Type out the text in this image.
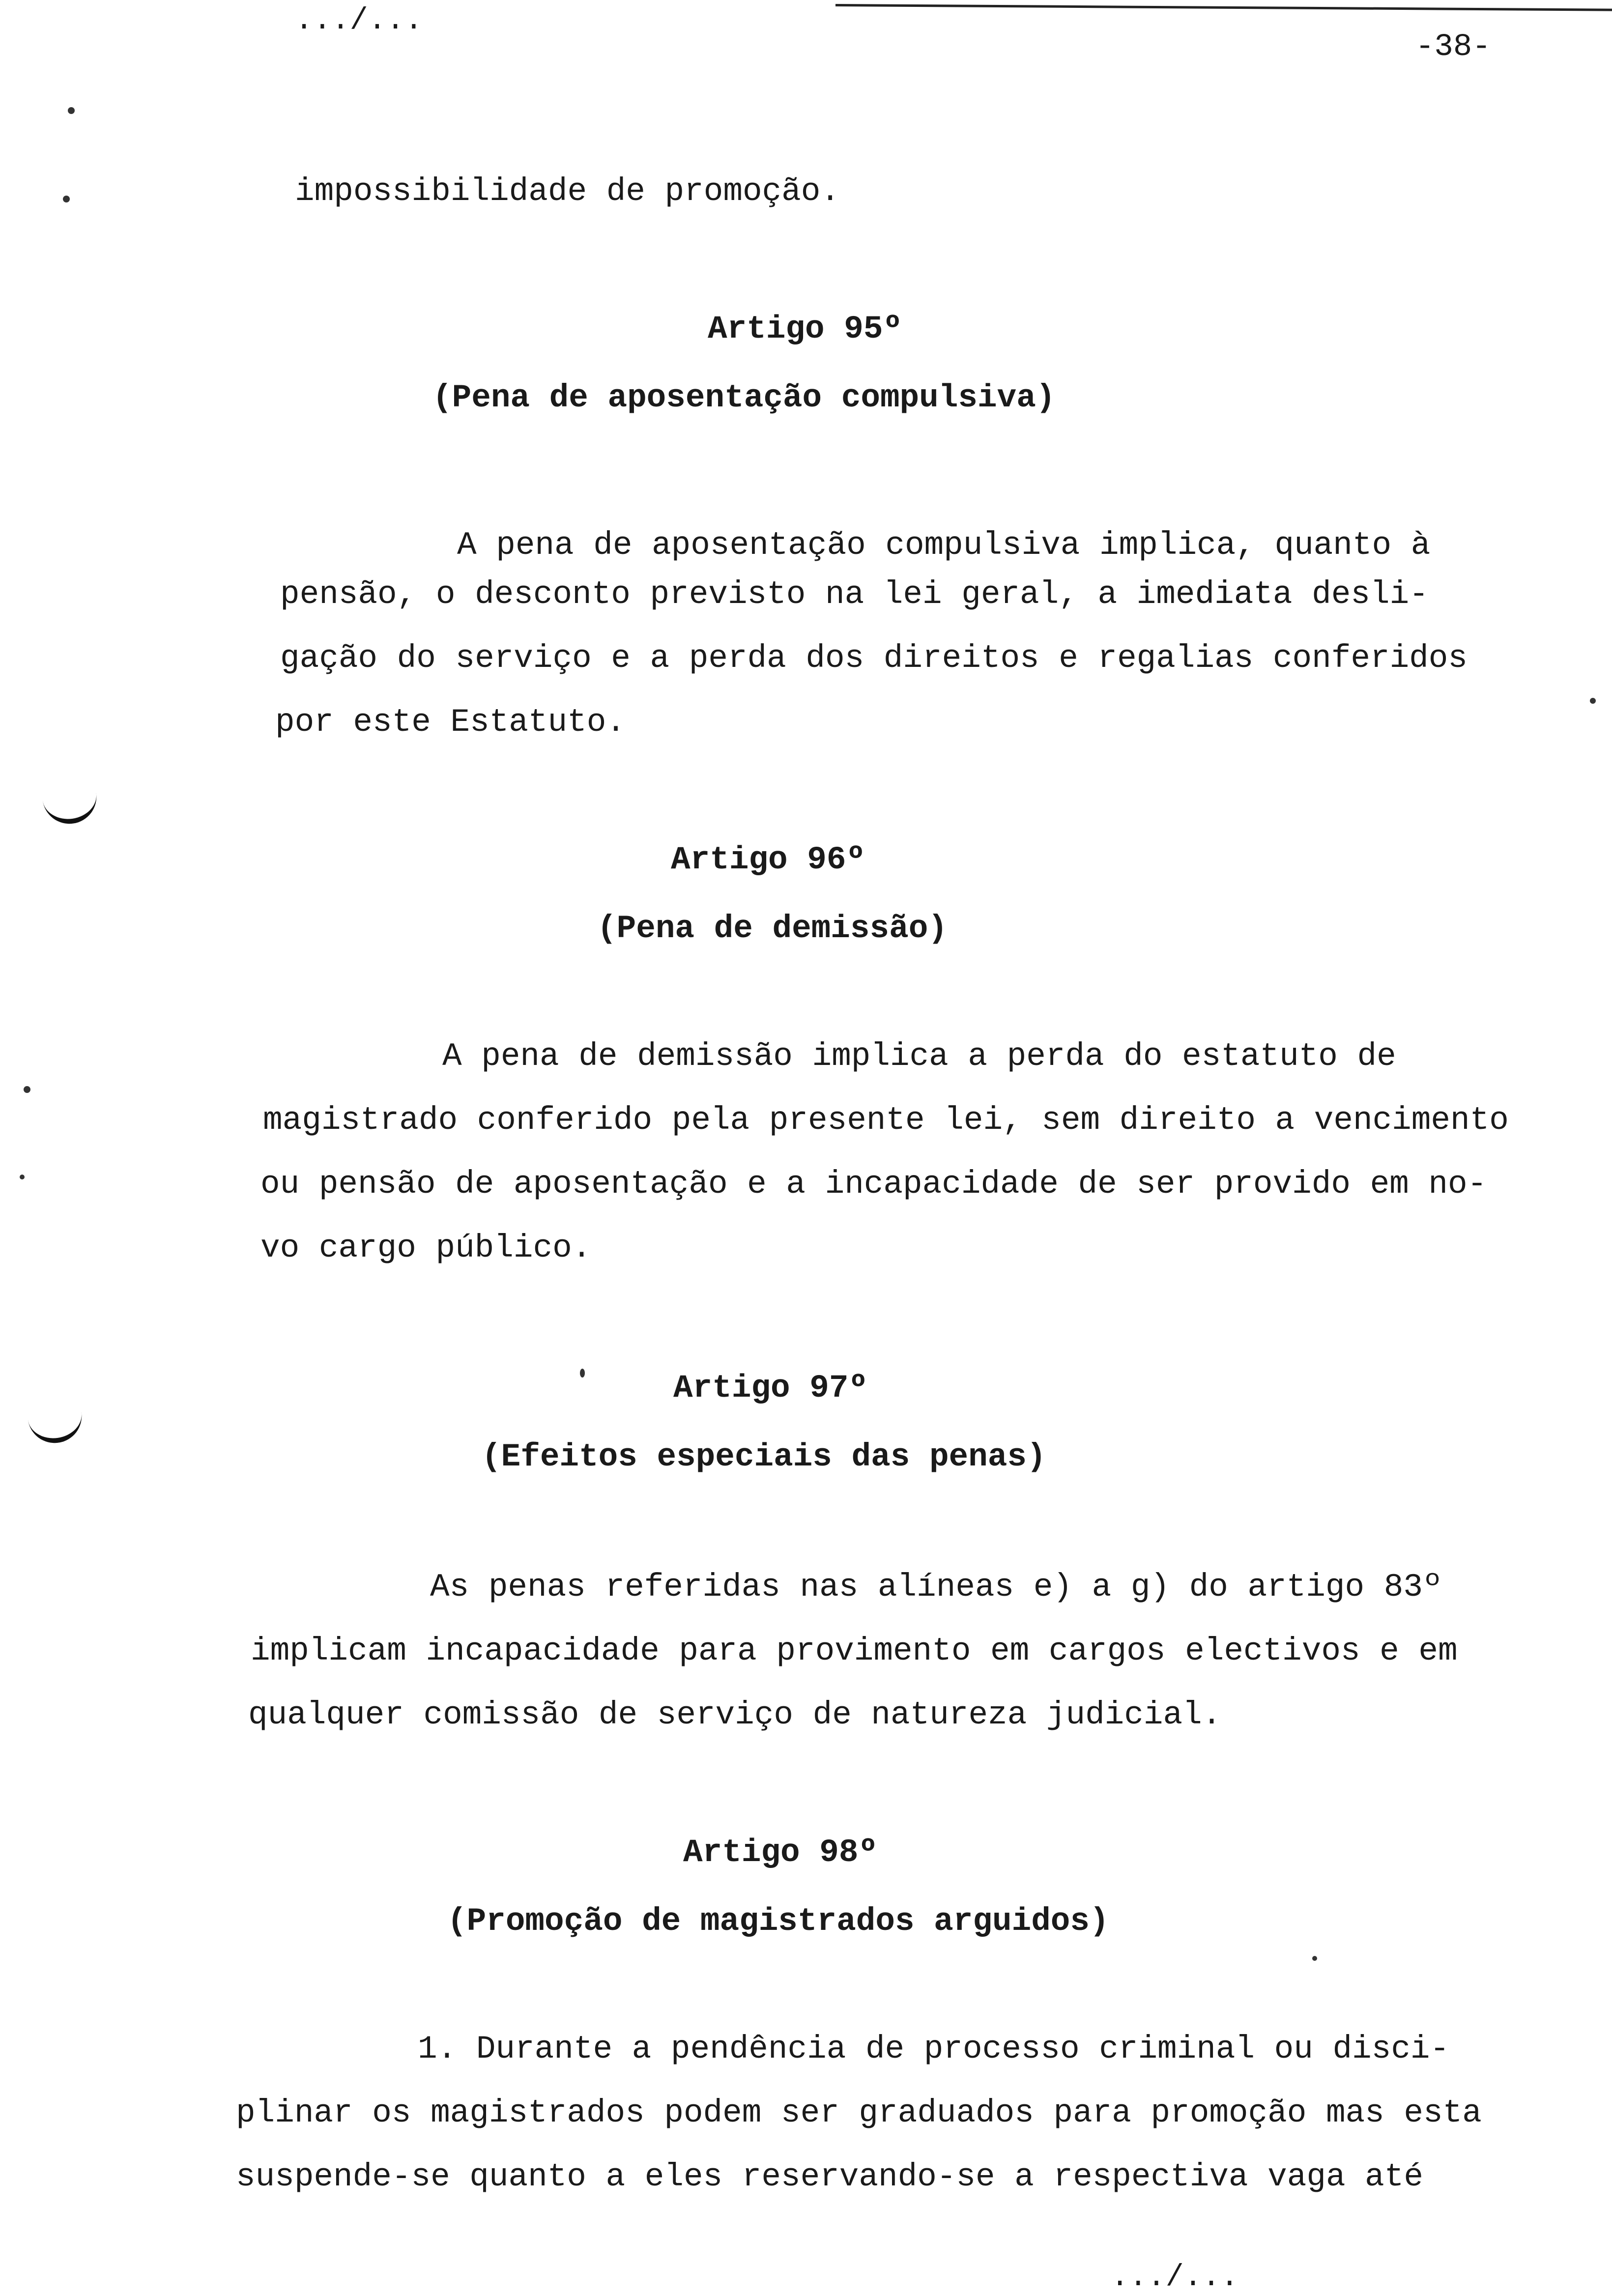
.../...
-38-
impossibilidade de promoção.
Artigo 95º
(Pena de aposentação compulsiva)
A pena de aposentação compulsiva implica, quanto à
pensão, o desconto previsto na lei geral, a imediata desli-
gação do serviço e a perda dos direitos e regalias conferidos
por este Estatuto.
Artigo 96º
(Pena de demissão)
A pena de demissão implica a perda do estatuto de
magistrado conferido pela presente lei, sem direito a vencimento
ou pensão de aposentação e a incapacidade de ser provido em no-
vo cargo público.
Artigo 97º
(Efeitos especiais das penas)
As penas referidas nas alíneas e) a g) do artigo 83º
implicam incapacidade para provimento em cargos electivos e em
qualquer comissão de serviço de natureza judicial.
Artigo 98º
(Promoção de magistrados arguidos)
1. Durante a pendência de processo criminal ou disci-
plinar os magistrados podem ser graduados para promoção mas esta
suspende-se quanto a eles reservando-se a respectiva vaga até
.../...
